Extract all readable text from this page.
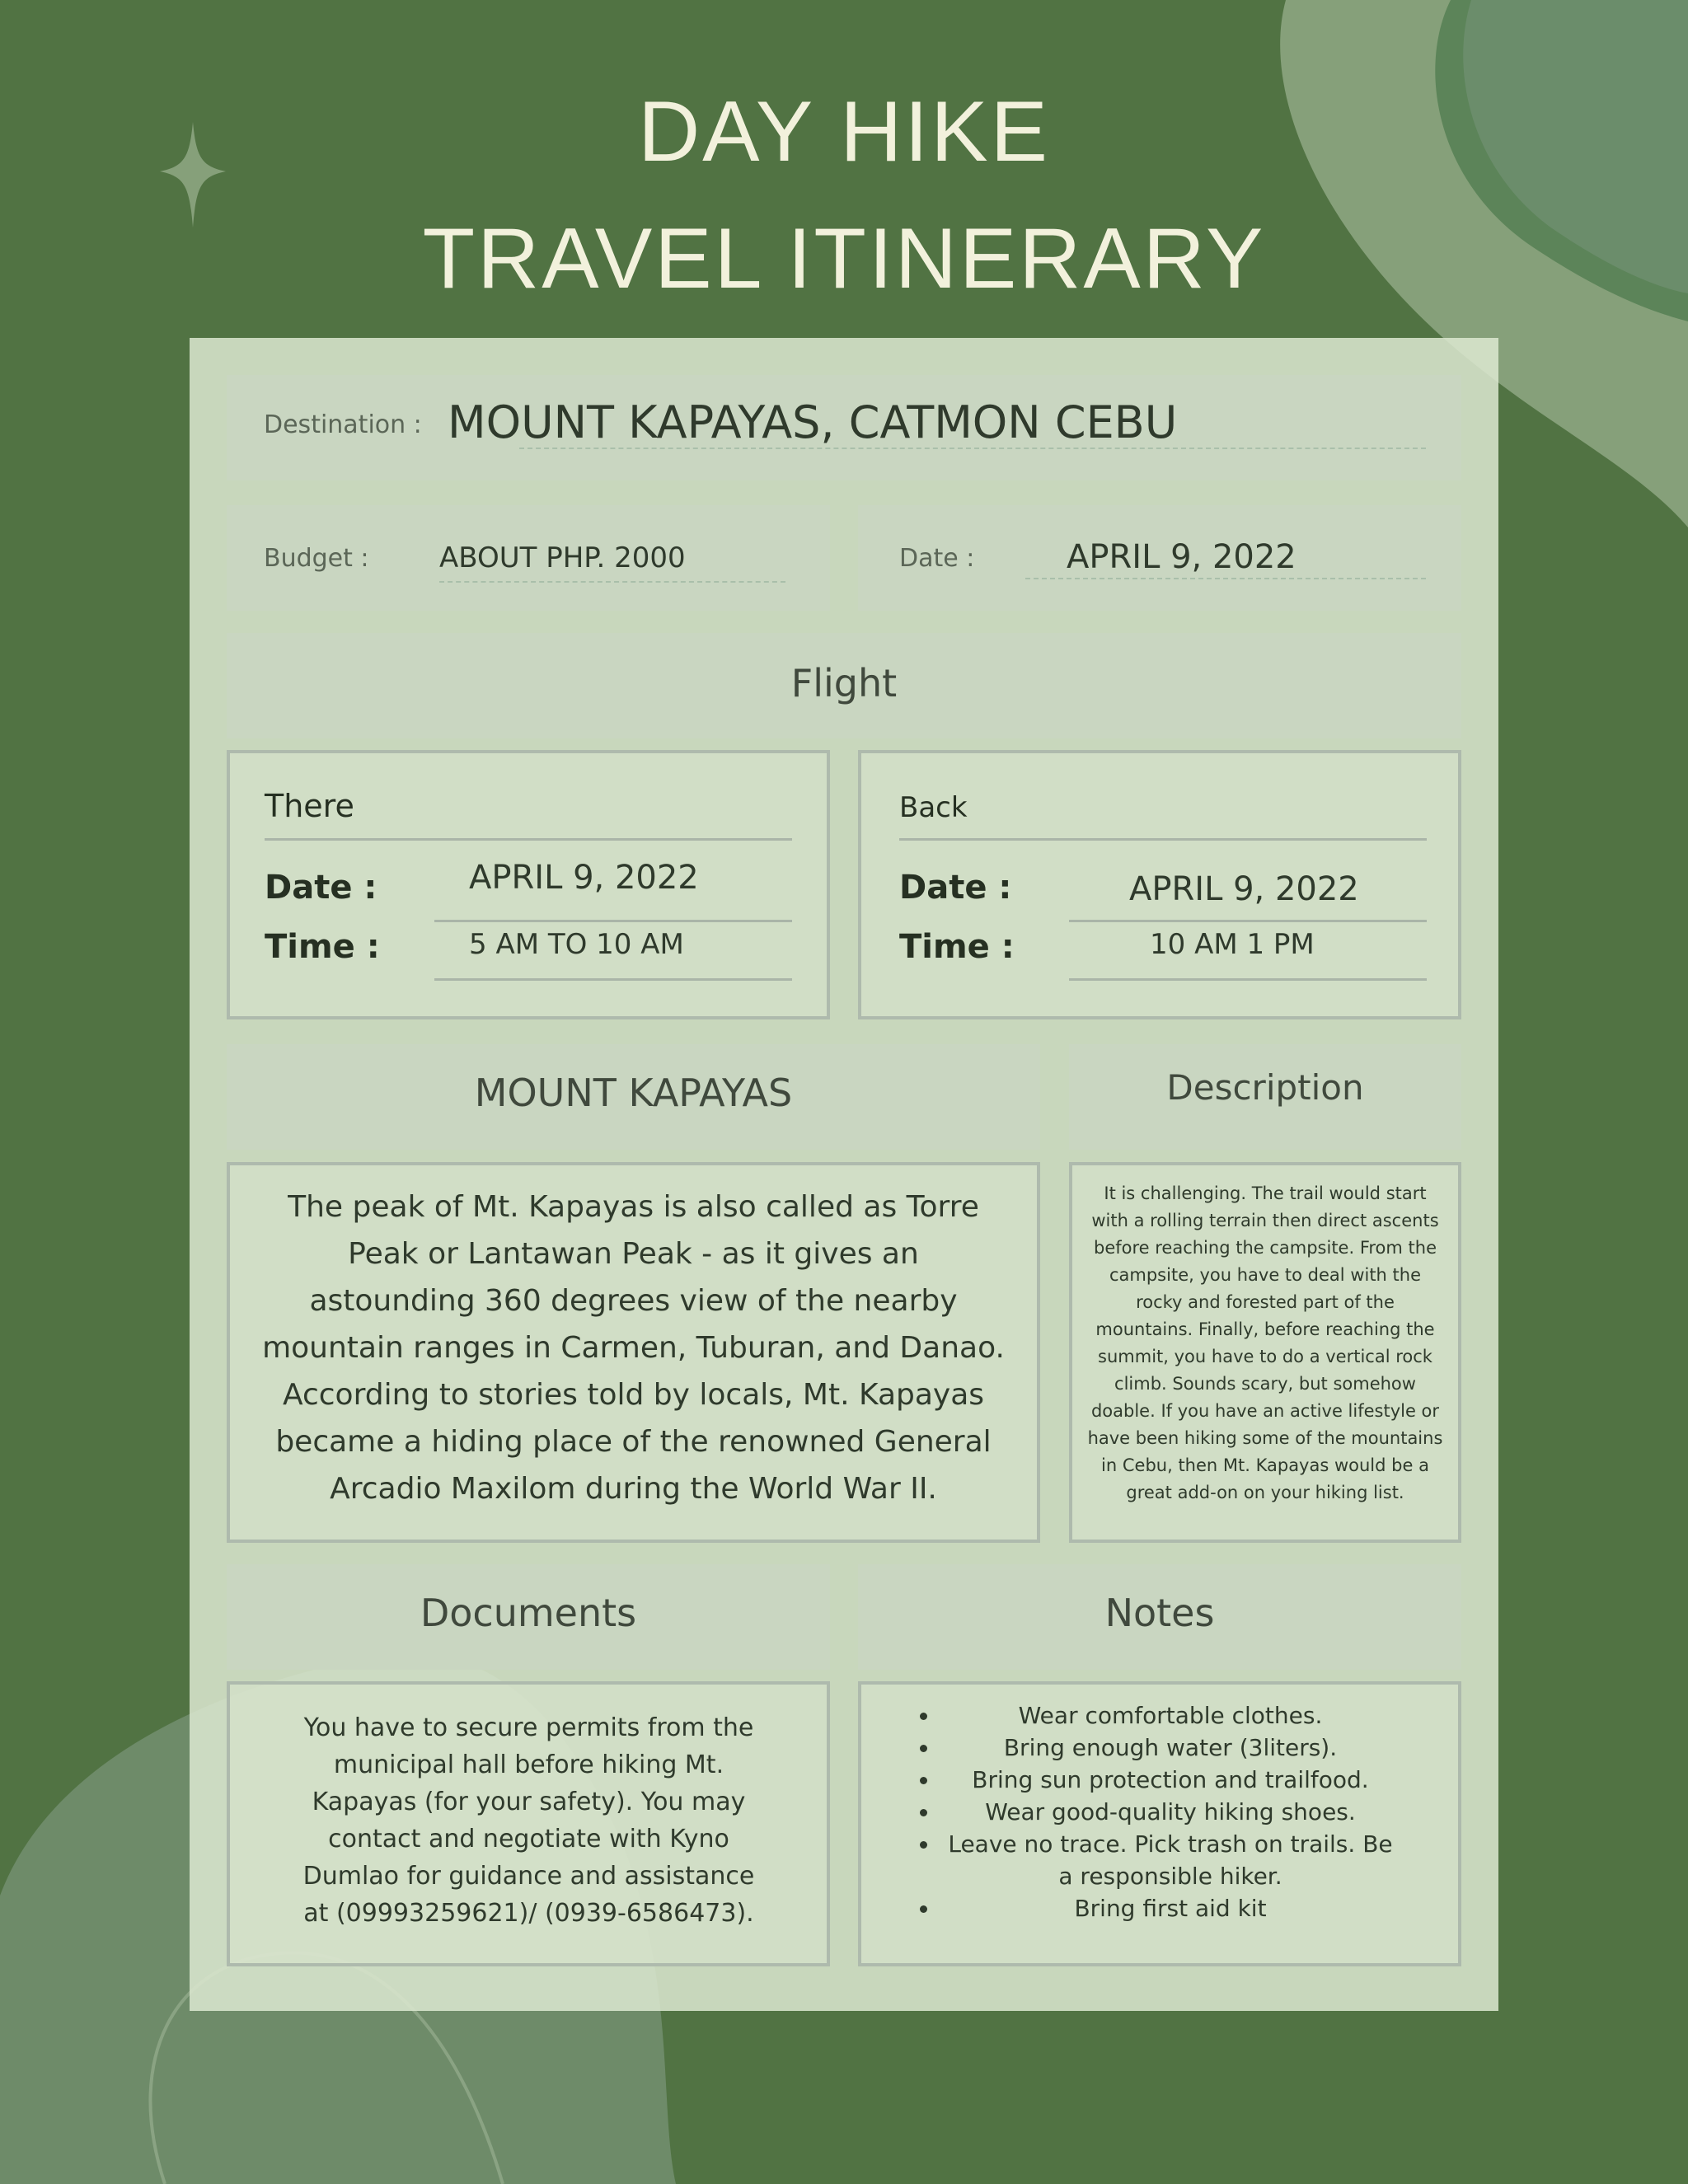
DAY HIKE
TRAVEL ITINERARY
Destination : MOUNT KAPAYAS, CATMON CEBU
Budget :	ABOUT PHP. 2000	Date :	APRIL 9, 2022
Flight
There
Date :	APRIL 9, 2022
Time :	5 AM TO 10 AM
Back
Date :	APRIL 9, 2022
Time :	10 AM 1 PM
MOUNT KAPAYAS	Description
The peak of Mt. Kapayas is also called as Torre Peak or Lantawan Peak - as it gives an astounding 360 degrees view of the nearby mountain ranges in Carmen, Tuburan, and Danao. According to stories told by locals, Mt. Kapayas became a hiding place of the renowned General Arcadio Maxilom during the World War II.
It is challenging. The trail would start with a rolling terrain then direct ascents before reaching the campsite. From the campsite, you have to deal with the rocky and forested part of the mountains. Finally, before reaching the summit, you have to do a vertical rock climb. Sounds scary, but somehow doable. If you have an active lifestyle or have been hiking some of the mountains in Cebu, then Mt. Kapayas would be a great add-on on your hiking list.
Documents	Notes
You have to secure permits from the municipal hall before hiking Mt. Kapayas (for your safety). You may contact and negotiate with Kyno Dumlao for guidance and assistance at (09993259621)/ (0939-6586473).
• Wear comfortable clothes.
• Bring enough water (3liters).
• Bring sun protection and trailfood.
• Wear good-quality hiking shoes.
• Leave no trace. Pick trash on trails. Be a responsible hiker.
• Bring first aid kit
